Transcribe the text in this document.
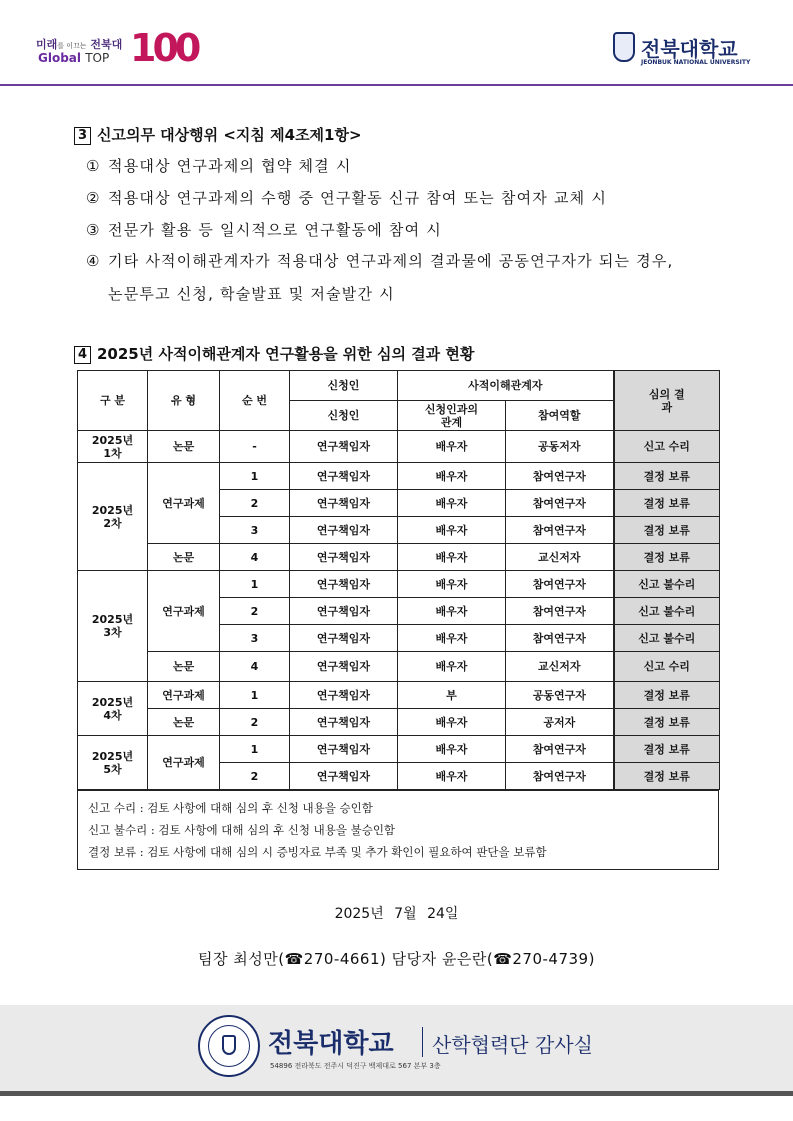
미래를 이끄는 전북대
Global TOP 100	전북대학교
JEONBUK NATIONAL UNIVERSITY
3 신고의무 대상행위 <지침 제4조제1항>
① 적용대상 연구과제의 협약 체결 시
② 적용대상 연구과제의 수행 중 연구활동 신규 참여 또는 참여자 교체 시
③ 전문가 활용 등 일시적으로 연구활동에 참여 시
④ 기타 사적이해관계자가 적용대상 연구과제의 결과물에 공동연구자가 되는 경우,
논문투고 신청, 학술발표 및 저술발간 시
4 2025년 사적이해관계자 연구활용을 위한 심의 결과 현황
구 분	유 형	순 번	신청인	사적이해관계자		심의 결과
			신청인	신청인과의 관계	참여역할	
2025년 1차	논문	-	연구책임자	배우자	공동저자	신고 수리
2025년 2차	연구과제	1	연구책임자	배우자	참여연구자	결정 보류
		2	연구책임자	배우자	참여연구자	결정 보류
		3	연구책임자	배우자	참여연구자	결정 보류
	논문	4	연구책임자	배우자	교신저자	결정 보류
2025년 3차	연구과제	1	연구책임자	배우자	참여연구자	신고 불수리
		2	연구책임자	배우자	참여연구자	신고 불수리
		3	연구책임자	배우자	참여연구자	신고 불수리
	논문	4	연구책임자	배우자	교신저자	신고 수리
2025년 4차	연구과제	1	연구책임자	부	공동연구자	결정 보류
	논문	2	연구책임자	배우자	공저자	결정 보류
2025년 5차	연구과제	1	연구책임자	배우자	참여연구자	결정 보류
		2	연구책임자	배우자	참여연구자	결정 보류
신고 수리 : 검토 사항에 대해 심의 후 신청 내용을 승인함
신고 불수리 : 검토 사항에 대해 심의 후 신청 내용을 불승인함
결정 보류 : 검토 사항에 대해 심의 시 증빙자료 부족 및 추가 확인이 필요하여 판단을 보류함
2025년 7월 24일
팀장 최성만(☎270-4661) 담당자 윤은란(☎270-4739)
전북대학교 산학협력단 감사실
54896 전라북도 전주시 덕진구 백제대로 567 본부 3층
